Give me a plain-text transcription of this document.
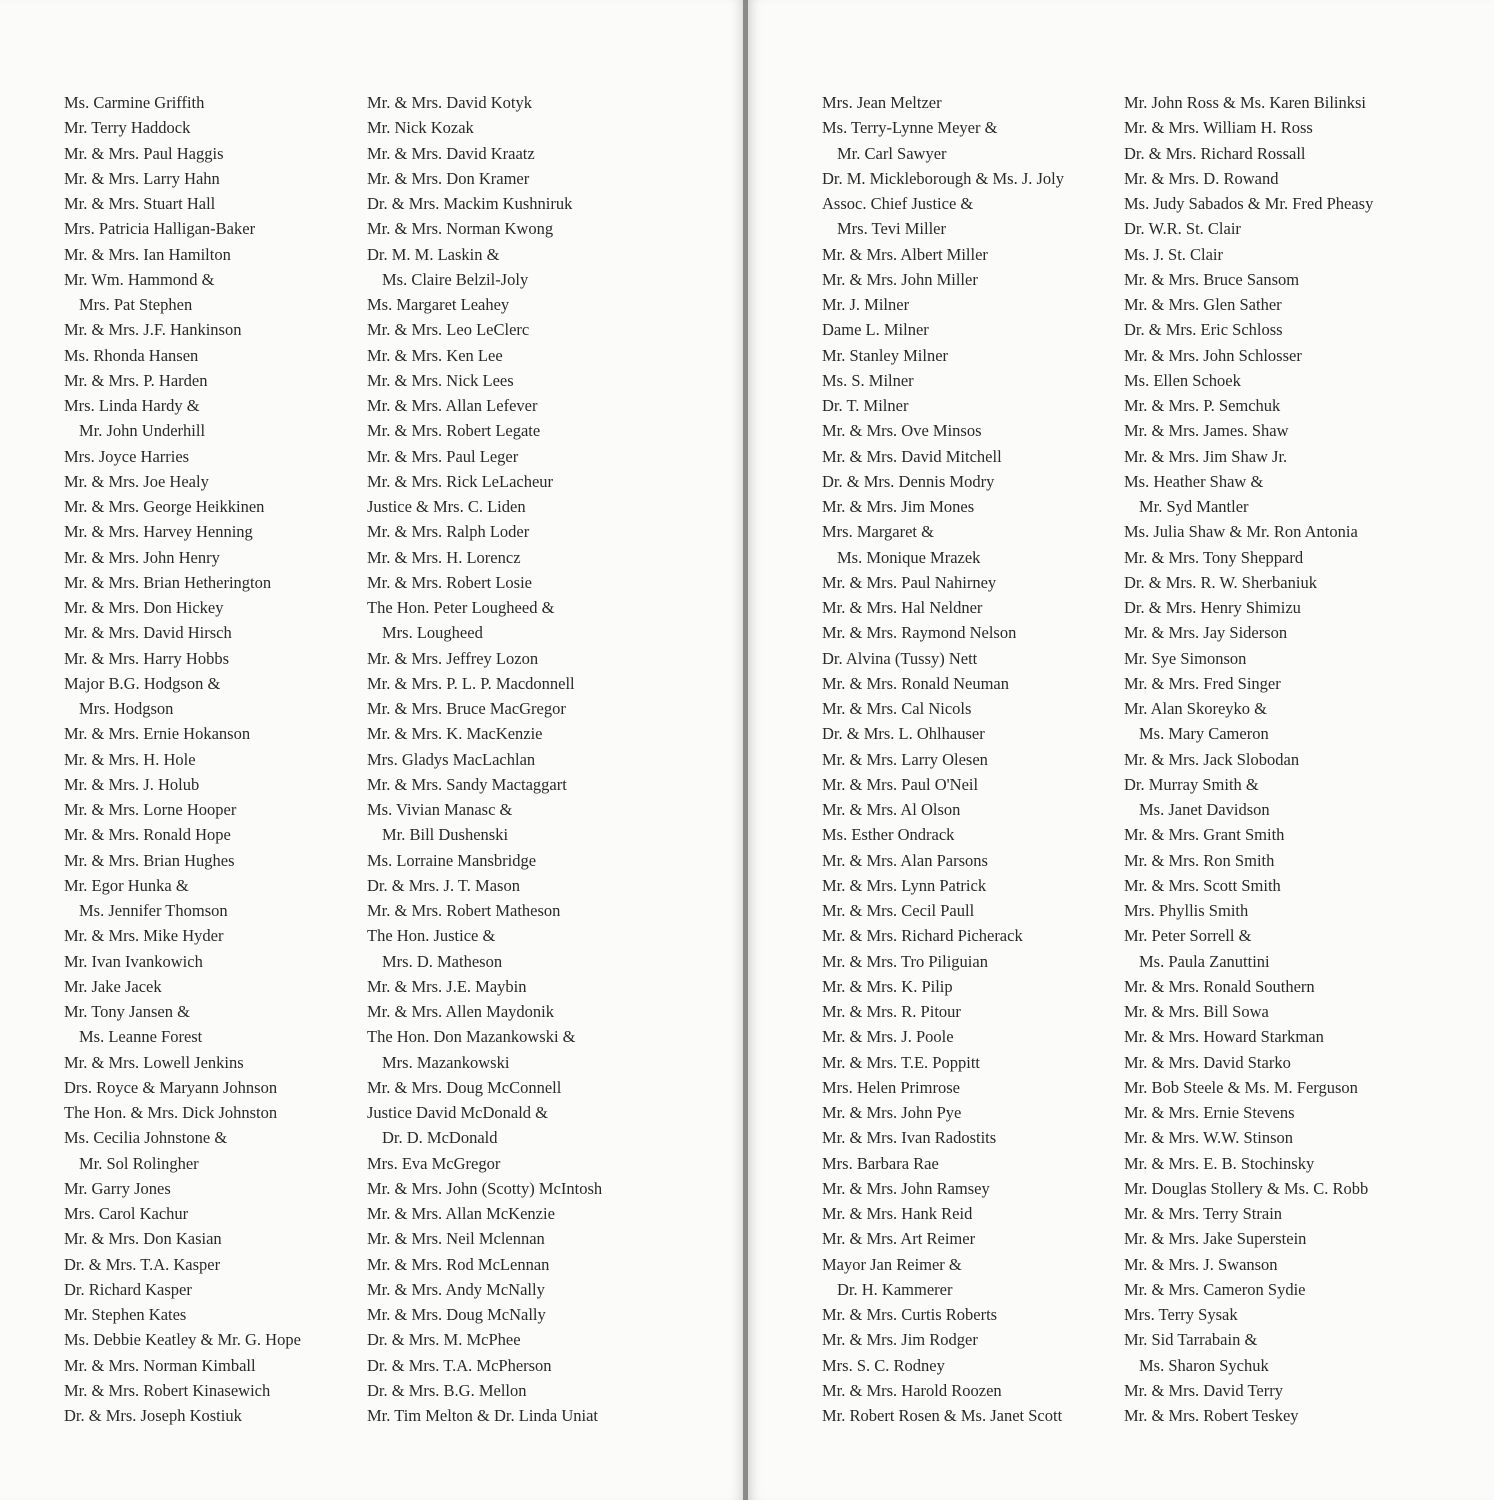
Ms. Carmine Griffith
Mr. Terry Haddock
Mr. & Mrs. Paul Haggis
Mr. & Mrs. Larry Hahn
Mr. & Mrs. Stuart Hall
Mrs. Patricia Halligan-Baker
Mr. & Mrs. Ian Hamilton
Mr. Wm. Hammond &
Mrs. Pat Stephen
Mr. & Mrs. J.F. Hankinson
Ms. Rhonda Hansen
Mr. & Mrs. P. Harden
Mrs. Linda Hardy &
Mr. John Underhill
Mrs. Joyce Harries
Mr. & Mrs. Joe Healy
Mr. & Mrs. George Heikkinen
Mr. & Mrs. Harvey Henning
Mr. & Mrs. John Henry
Mr. & Mrs. Brian Hetherington
Mr. & Mrs. Don Hickey
Mr. & Mrs. David Hirsch
Mr. & Mrs. Harry Hobbs
Major B.G. Hodgson &
Mrs. Hodgson
Mr. & Mrs. Ernie Hokanson
Mr. & Mrs. H. Hole
Mr. & Mrs. J. Holub
Mr. & Mrs. Lorne Hooper
Mr. & Mrs. Ronald Hope
Mr. & Mrs. Brian Hughes
Mr. Egor Hunka &
Ms. Jennifer Thomson
Mr. & Mrs. Mike Hyder
Mr. Ivan Ivankowich
Mr. Jake Jacek
Mr. Tony Jansen &
Ms. Leanne Forest
Mr. & Mrs. Lowell Jenkins
Drs. Royce & Maryann Johnson
The Hon. & Mrs. Dick Johnston
Ms. Cecilia Johnstone &
Mr. Sol Rolingher
Mr. Garry Jones
Mrs. Carol Kachur
Mr. & Mrs. Don Kasian
Dr. & Mrs. T.A. Kasper
Dr. Richard Kasper
Mr. Stephen Kates
Ms. Debbie Keatley & Mr. G. Hope
Mr. & Mrs. Norman Kimball
Mr. & Mrs. Robert Kinasewich
Dr. & Mrs. Joseph Kostiuk
Mr. & Mrs. David Kotyk
Mr. Nick Kozak
Mr. & Mrs. David Kraatz
Mr. & Mrs. Don Kramer
Dr. & Mrs. Mackim Kushniruk
Mr. & Mrs. Norman Kwong
Dr. M. M. Laskin &
Ms. Claire Belzil-Joly
Ms. Margaret Leahey
Mr. & Mrs. Leo LeClerc
Mr. & Mrs. Ken Lee
Mr. & Mrs. Nick Lees
Mr. & Mrs. Allan Lefever
Mr. & Mrs. Robert Legate
Mr. & Mrs. Paul Leger
Mr. & Mrs. Rick LeLacheur
Justice & Mrs. C. Liden
Mr. & Mrs. Ralph Loder
Mr. & Mrs. H. Lorencz
Mr. & Mrs. Robert Losie
The Hon. Peter Lougheed &
Mrs. Lougheed
Mr. & Mrs. Jeffrey Lozon
Mr. & Mrs. P. L. P. Macdonnell
Mr. & Mrs. Bruce MacGregor
Mr. & Mrs. K. MacKenzie
Mrs. Gladys MacLachlan
Mr. & Mrs. Sandy Mactaggart
Ms. Vivian Manasc &
Mr. Bill Dushenski
Ms. Lorraine Mansbridge
Dr. & Mrs. J. T. Mason
Mr. & Mrs. Robert Matheson
The Hon. Justice &
Mrs. D. Matheson
Mr. & Mrs. J.E. Maybin
Mr. & Mrs. Allen Maydonik
The Hon. Don Mazankowski &
Mrs. Mazankowski
Mr. & Mrs. Doug McConnell
Justice David McDonald &
Dr. D. McDonald
Mrs. Eva McGregor
Mr. & Mrs. John (Scotty) McIntosh
Mr. & Mrs. Allan McKenzie
Mr. & Mrs. Neil Mclennan
Mr. & Mrs. Rod McLennan
Mr. & Mrs. Andy McNally
Mr. & Mrs. Doug McNally
Dr. & Mrs. M. McPhee
Dr. & Mrs. T.A. McPherson
Dr. & Mrs. B.G. Mellon
Mr. Tim Melton & Dr. Linda Uniat
Mrs. Jean Meltzer
Ms. Terry-Lynne Meyer &
Mr. Carl Sawyer
Dr. M. Mickleborough & Ms. J. Joly
Assoc. Chief Justice &
Mrs. Tevi Miller
Mr. & Mrs. Albert Miller
Mr. & Mrs. John Miller
Mr. J. Milner
Dame L. Milner
Mr. Stanley Milner
Ms. S. Milner
Dr. T. Milner
Mr. & Mrs. Ove Minsos
Mr. & Mrs. David Mitchell
Dr. & Mrs. Dennis Modry
Mr. & Mrs. Jim Mones
Mrs. Margaret &
Ms. Monique Mrazek
Mr. & Mrs. Paul Nahirney
Mr. & Mrs. Hal Neldner
Mr. & Mrs. Raymond Nelson
Dr. Alvina (Tussy) Nett
Mr. & Mrs. Ronald Neuman
Mr. & Mrs. Cal Nicols
Dr. & Mrs. L. Ohlhauser
Mr. & Mrs. Larry Olesen
Mr. & Mrs. Paul O'Neil
Mr. & Mrs. Al Olson
Ms. Esther Ondrack
Mr. & Mrs. Alan Parsons
Mr. & Mrs. Lynn Patrick
Mr. & Mrs. Cecil Paull
Mr. & Mrs. Richard Picherack
Mr. & Mrs. Tro Piliguian
Mr. & Mrs. K. Pilip
Mr. & Mrs. R. Pitour
Mr. & Mrs. J. Poole
Mr. & Mrs. T.E. Poppitt
Mrs. Helen Primrose
Mr. & Mrs. John Pye
Mr. & Mrs. Ivan Radostits
Mrs. Barbara Rae
Mr. & Mrs. John Ramsey
Mr. & Mrs. Hank Reid
Mr. & Mrs. Art Reimer
Mayor Jan Reimer &
Dr. H. Kammerer
Mr. & Mrs. Curtis Roberts
Mr. & Mrs. Jim Rodger
Mrs. S. C. Rodney
Mr. & Mrs. Harold Roozen
Mr. Robert Rosen & Ms. Janet Scott
Mr. John Ross & Ms. Karen Bilinksi
Mr. & Mrs. William H. Ross
Dr. & Mrs. Richard Rossall
Mr. & Mrs. D. Rowand
Ms. Judy Sabados & Mr. Fred Pheasy
Dr. W.R. St. Clair
Ms. J. St. Clair
Mr. & Mrs. Bruce Sansom
Mr. & Mrs. Glen Sather
Dr. & Mrs. Eric Schloss
Mr. & Mrs. John Schlosser
Ms. Ellen Schoek
Mr. & Mrs. P. Semchuk
Mr. & Mrs. James. Shaw
Mr. & Mrs. Jim Shaw Jr.
Ms. Heather Shaw &
Mr. Syd Mantler
Ms. Julia Shaw & Mr. Ron Antonia
Mr. & Mrs. Tony Sheppard
Dr. & Mrs. R. W. Sherbaniuk
Dr. & Mrs. Henry Shimizu
Mr. & Mrs. Jay Siderson
Mr. Sye Simonson
Mr. & Mrs. Fred Singer
Mr. Alan Skoreyko &
Ms. Mary Cameron
Mr. & Mrs. Jack Slobodan
Dr. Murray Smith &
Ms. Janet Davidson
Mr. & Mrs. Grant Smith
Mr. & Mrs. Ron Smith
Mr. & Mrs. Scott Smith
Mrs. Phyllis Smith
Mr. Peter Sorrell &
Ms. Paula Zanuttini
Mr. & Mrs. Ronald Southern
Mr. & Mrs. Bill Sowa
Mr. & Mrs. Howard Starkman
Mr. & Mrs. David Starko
Mr. Bob Steele & Ms. M. Ferguson
Mr. & Mrs. Ernie Stevens
Mr. & Mrs. W.W. Stinson
Mr. & Mrs. E. B. Stochinsky
Mr. Douglas Stollery & Ms. C. Robb
Mr. & Mrs. Terry Strain
Mr. & Mrs. Jake Superstein
Mr. & Mrs. J. Swanson
Mr. & Mrs. Cameron Sydie
Mrs. Terry Sysak
Mr. Sid Tarrabain &
Ms. Sharon Sychuk
Mr. & Mrs. David Terry
Mr. & Mrs. Robert Teskey
